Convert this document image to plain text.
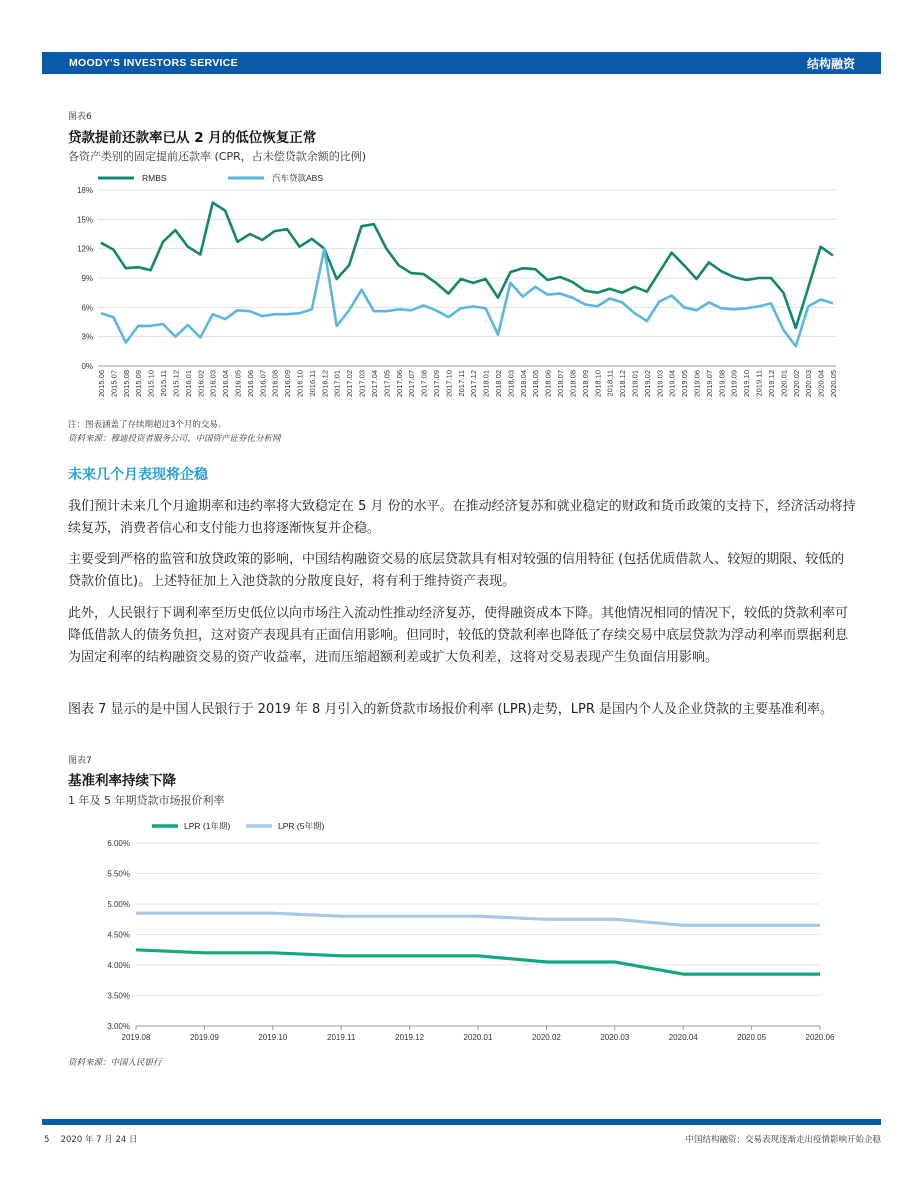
MOODY'S INVESTORS SERVICE	结构融资
图表6
贷款提前还款率已从 2 月的低位恢复正常
各资产类别的固定提前还款率 (CPR，占未偿贷款余额的比例)
RMBS	汽车贷款ABS
0%
3%
6%
9%
12%
15%
18%
2015.06 2015.07 2015.08 2015.09 2015.10 2015.11 2015.12 2016.01 2016.02 2016.03 2016.04 2016.05 2016.06 2016.07 2016.08 2016.09 2016.10 2016.11 2016.12 2017.01 2017.02 2017.03 2017.04 2017.05 2017.06 2017.07 2017.08 2017.09 2017.10 2017.11 2017.12 2018.01 2018.02 2018.03 2018.04 2018.05 2018.06 2018.07 2018.08 2018.09 2018.10 2018.11 2018.12 2019.01 2019.02 2019.03 2019.04 2019.05 2019.06 2019.07 2019.08 2019.09 2019.10 2019.11 2019.12 2020.01 2020.02 2020.03 2020.04 2020.05
注：图表涵盖了存续期超过3个月的交易。
资料来源：穆迪投资者服务公司、中国资产证券化分析网
未来几个月表现将企稳
我们预计未来几个月逾期率和违约率将大致稳定在 5 月 份的水平。在推动经济复苏和就业稳定的财政和货币政策的支持下，经济活动将持续复苏，消费者信心和支付能力也将逐渐恢复并企稳。
主要受到严格的监管和放贷政策的影响，中国结构融资交易的底层贷款具有相对较强的信用特征 (包括优质借款人、较短的期限、较低的贷款价值比)。上述特征加上入池贷款的分散度良好，将有利于维持资产表现。
此外，人民银行下调利率至历史低位以向市场注入流动性推动经济复苏，使得融资成本下降。其他情况相同的情况下，较低的贷款利率可降低借款人的债务负担，这对资产表现具有正面信用影响。但同时，较低的贷款利率也降低了存续交易中底层贷款为浮动利率而票据利息为固定利率的结构融资交易的资产收益率，进而压缩超额利差或扩大负利差，这将对交易表现产生负面信用影响。
图表 7 显示的是中国人民银行于 2019 年 8 月引入的新贷款市场报价利率 (LPR)走势，LPR 是国内个人及企业贷款的主要基准利率。
图表7
基准利率持续下降
1 年及 5 年期贷款市场报价利率
LPR (1年期)	LPR (5年期)
3.00%
3.50%
4.00%
4.50%
5.00%
5.50%
6.00%
2019.08	2019.09	2019.10	2019.11	2019.12	2020.01	2020.02	2020.03	2020.04	2020.05	2020.06
资料来源：中国人民银行
5　 2020 年 7 月 24 日	中国结构融资：交易表现逐渐走出疫情影响开始企稳
